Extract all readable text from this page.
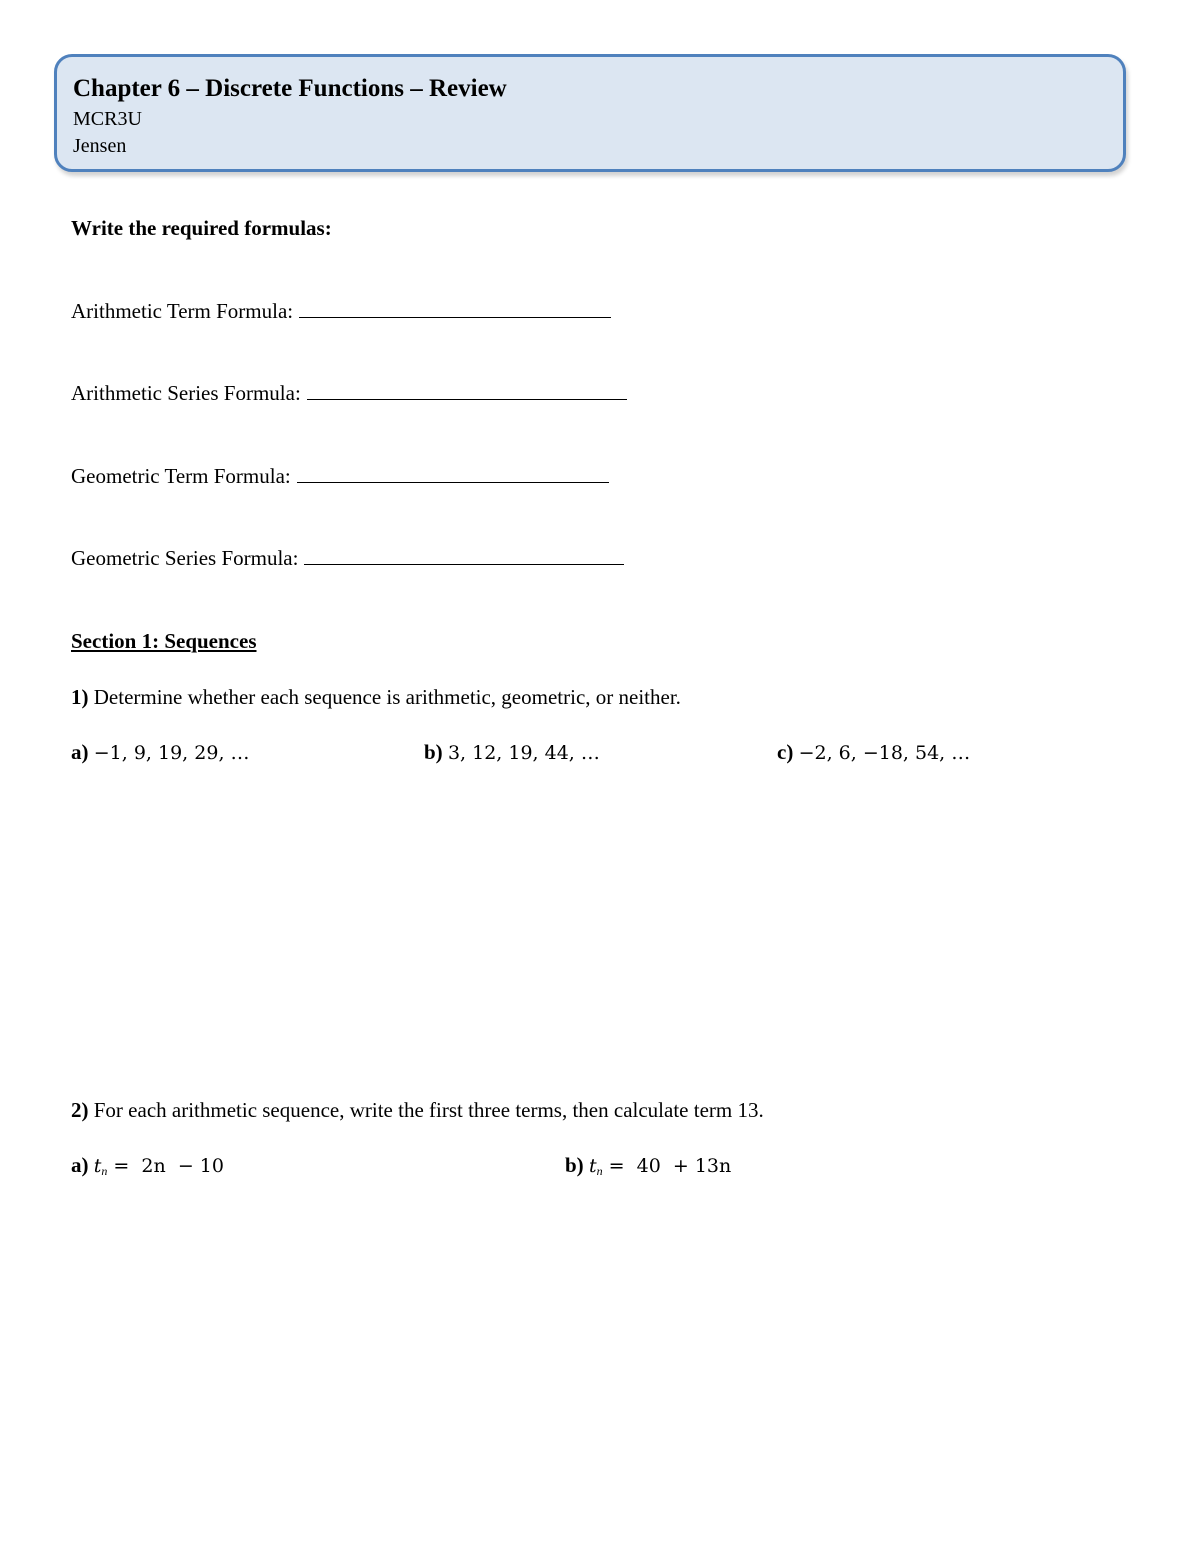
Chapter 6 – Discrete Functions – Review
MCR3U
Jensen
Write the required formulas:
Arithmetic Term Formula:
Arithmetic Series Formula:
Geometric Term Formula:
Geometric Series Formula:
Section 1: Sequences
1) Determine whether each sequence is arithmetic, geometric, or neither.
a) −1, 9, 19, 29, …	b) 3, 12, 19, 44, …	c) −2, 6, −18, 54, …
2) For each arithmetic sequence, write the first three terms, then calculate term 13.
a) $t_n = 2n - 10$	b) $t_n = 40 + 13n$
